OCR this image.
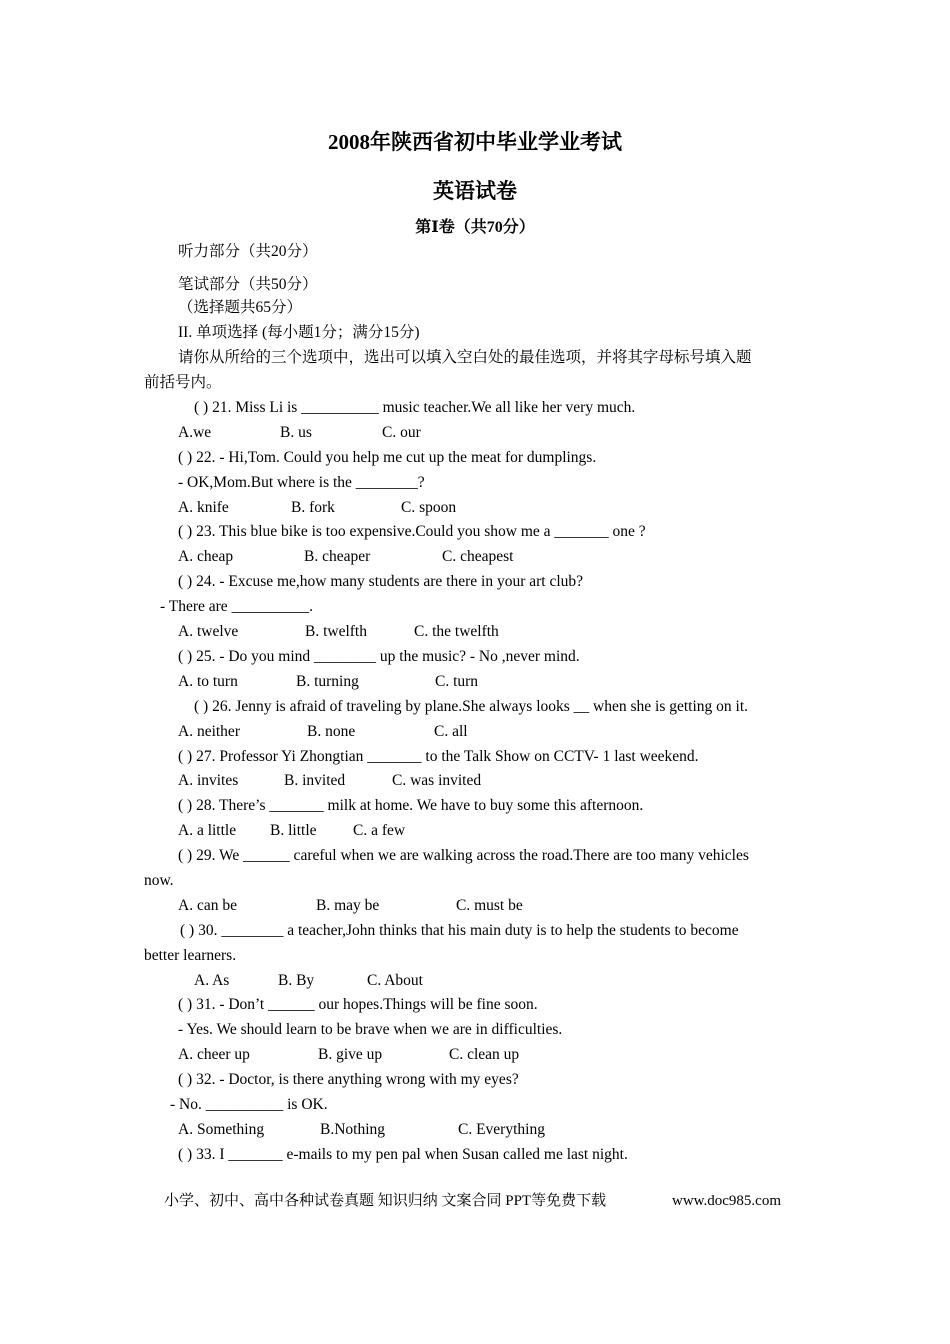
2008年陕西省初中毕业学业考试
英语试卷
第Ⅰ卷（共70分）
听力部分（共20分）
笔试部分（共50分）
（选择题共65分）
II. 单项选择 (每小题1分；满分15分)
请你从所给的三个选项中，选出可以填入空白处的最佳选项，并将其字母标号填入题
前括号内。
( ) 21. Miss Li is __________ music teacher.We all like her very much.
A.we	B. us	C. our
( ) 22. - Hi,Tom. Could you help me cut up the meat for dumplings.
- OK,Mom.But where is the ________?
A. knife	B. fork	C. spoon
( ) 23. This blue bike is too expensive.Could you show me a _______ one ?
A. cheap	B. cheaper	C. cheapest
( ) 24. - Excuse me,how many students are there in your art club?
- There are __________.
A. twelve	B. twelfth	C. the twelfth
( ) 25. - Do you mind ________ up the music? - No ,never mind.
A. to turn	B. turning	C. turn
( ) 26. Jenny is afraid of traveling by plane.She always looks __ when she is getting on it.
A. neither	B. none	C. all
( ) 27. Professor Yi Zhongtian _______ to the Talk Show on CCTV- 1 last weekend.
A. invites	B. invited	C. was invited
( ) 28. There’s _______ milk at home. We have to buy some this afternoon.
A. a little B. little C. a few
( ) 29. We ______ careful when we are walking across the road.There are too many vehicles
now.
A. can be	B. may be	C. must be
( ) 30. ________ a teacher,John thinks that his main duty is to help the students to become
better learners.
A. As	B. By	C. About
( ) 31. - Don’t ______ our hopes.Things will be fine soon.
- Yes. We should learn to be brave when we are in difficulties.
A. cheer up	B. give up	C. clean up
( ) 32. - Doctor, is there anything wrong with my eyes?
- No. __________ is OK.
A. Something	B.Nothing	C. Everything
( ) 33. I _______ e-mails to my pen pal when Susan called me last night.
小学、初中、高中各种试卷真题 知识归纳 文案合同 PPT等免费下载	www.doc985.com
